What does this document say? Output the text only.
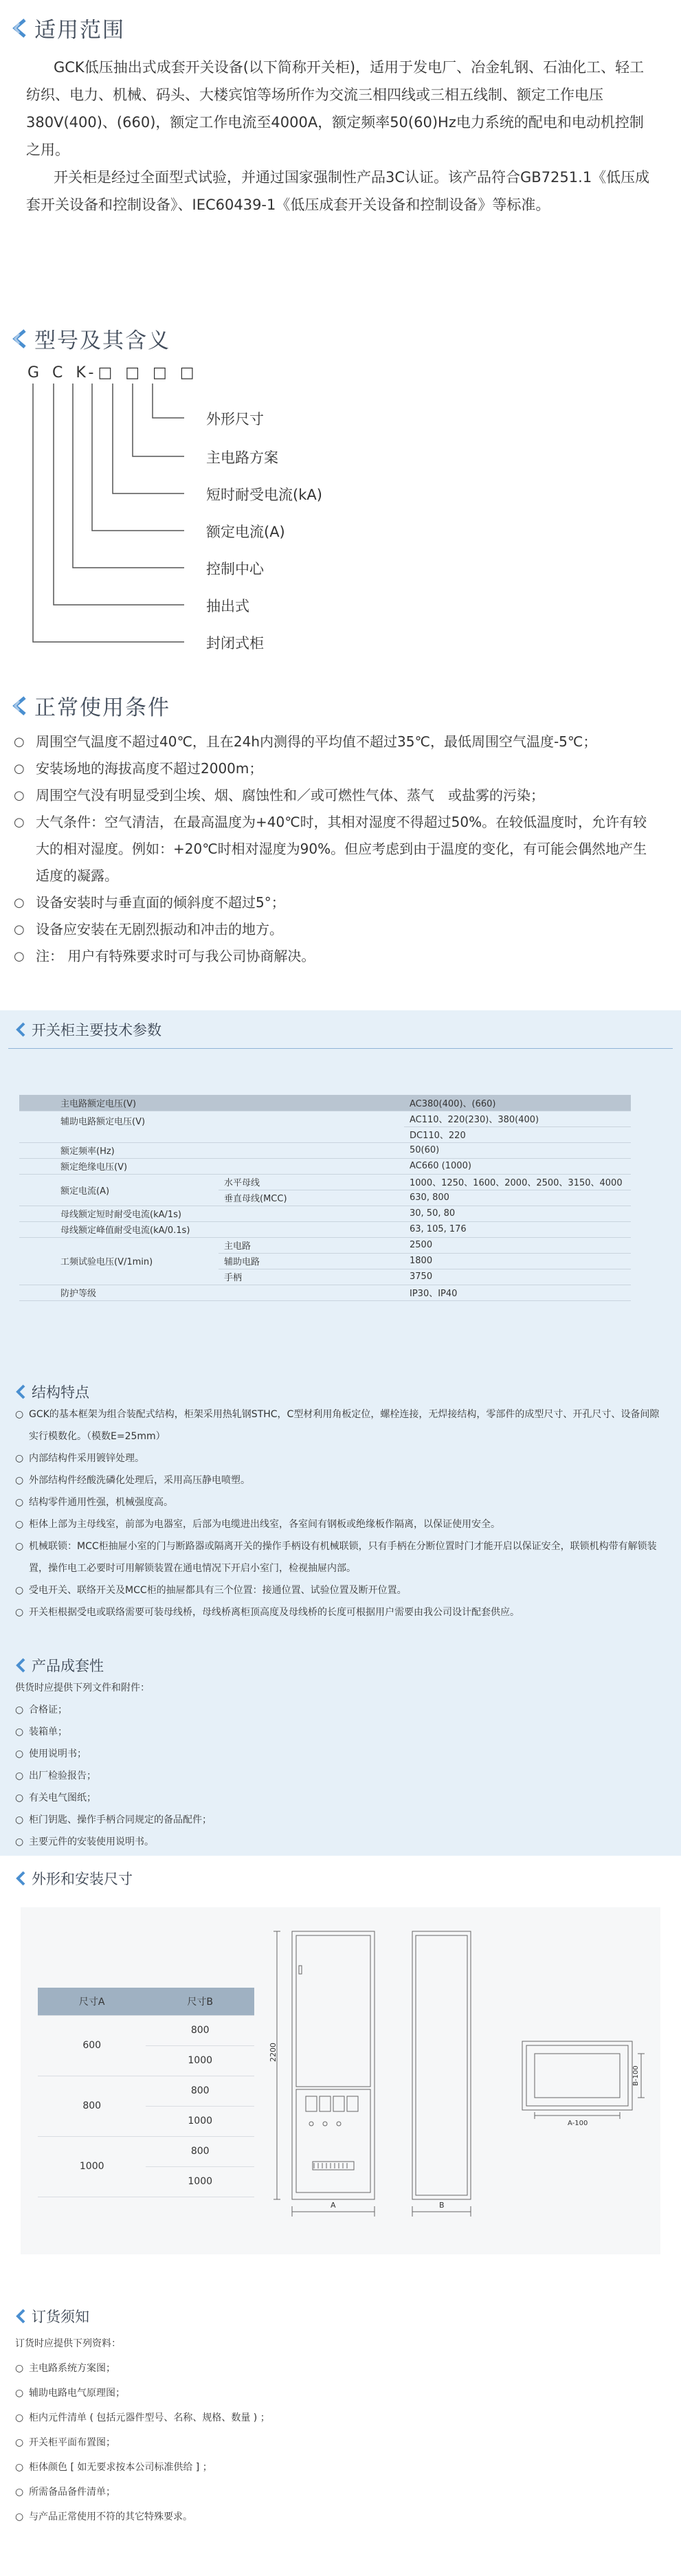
适用范围

GCK低压抽出式成套开关设备(以下简称开关柜)，适用于发电厂、冶金轧钢、石油化工、轻工纺织、电力、机械、码头、大楼宾馆等场所作为交流三相四线或三相五线制、额定工作电压380V(400)、(660)，额定工作电流至4000A，额定频率50(60)Hz电力系统的配电和电动机控制之用。

开关柜是经过全面型式试验，并通过国家强制性产品3C认证。该产品符合GB7251.1《低压成套开关设备和控制设备》、IEC60439-1《低压成套开关设备和控制设备》等标准。

型号及其含义
G C K-□ □ □ □
外形尺寸
主电路方案
短时耐受电流(kA)
额定电流(A)
控制中心
抽出式
封闭式柜
正常使用条件
○ 周围空气温度不超过40℃，且在24h内测得的平均值不超过35℃，最低周围空气温度-5℃；
○ 安装场地的海拔高度不超过2000m；
○ 周围空气没有明显受到尘埃、烟、腐蚀性和／或可燃性气体、蒸气　或盐雾的污染；
○ 大气条件：空气清洁，在最高温度为+40℃时，其相对湿度不得超过50%。在较低温度时，允许有较大的相对湿度。例如：+20℃时相对湿度为90%。但应考虑到由于温度的变化，有可能会偶然地产生适度的凝露。
○ 设备安装时与垂直面的倾斜度不超过5°；
○ 设备应安装在无剧烈振动和冲击的地方。
○ 注： 用户有特殊要求时可与我公司协商解决。
开关柜主要技术参数
主电路额定电压(V)		AC380(400)、(660)
辅助电路额定电压(V)		AC110、220(230)、380(400)
		DC110、220
额定频率(Hz)		50(60)
额定绝缘电压(V)		AC660 (1000)
额定电流(A)	水平母线	1000、1250、1600、2000、2500、3150、4000
	垂直母线(MCC)	630, 800
母线额定短时耐受电流(kA/1s)		30, 50, 80
母线额定峰值耐受电流(kA/0.1s)		63, 105, 176
工频试验电压(V/1min)	主电路	2500
	辅助电路	1800
	手柄	3750
防护等级		IP30、IP40
结构特点
○ GCK的基本框架为组合装配式结构，柜架采用热轧钢STHC，C型材利用角板定位，螺栓连接，无焊接结构，零部件的成型尺寸、开孔尺寸、设备间隙实行模数化。（模数E=25mm）
○ 内部结构件采用镀锌处理。
○ 外部结构件经酸洗磷化处理后，采用高压静电喷塑。
○ 结构零件通用性强，机械强度高。
○ 柜体上部为主母线室，前部为电器室，后部为电缆进出线室，各室间有钢板或绝缘板作隔离，以保证使用安全。
○ 机械联锁：MCC柜抽屉小室的门与断路器或隔离开关的操作手柄设有机械联锁，只有手柄在分断位置时门才能开启以保证安全，联锁机构带有解锁装置，操作电工必要时可用解锁装置在通电情况下开启小室门，检视抽屉内部。
○ 受电开关、联络开关及MCC柜的抽屉都具有三个位置：接通位置、试验位置及断开位置。
○ 开关柜根据受电或联络需要可装母线桥，母线桥离柜顶高度及母线桥的长度可根据用户需要由我公司设计配套供应。
产品成套性
供货时应提供下列文件和附件：
○ 合格证；
○ 装箱单；
○ 使用说明书；
○ 出厂检验报告；
○ 有关电气图纸；
○ 柜门钥匙、操作手柄合同规定的备品配件；
○ 主要元件的安装使用说明书。
外形和安装尺寸
尺寸A	尺寸B
600	800
	1000
800	800
	1000
1000	800
	1000
2200
A	B
A-100
B-100
订货须知
订货时应提供下列资料：
○ 主电路系统方案图；
○ 辅助电路电气原理图；
○ 柜内元件清单 ( 包括元器件型号、名称、规格、数量 ) ；
○ 开关柜平面布置图；
○ 柜体颜色 [ 如无要求按本公司标准供给 ] ；
○ 所需备品备件清单；
○ 与产品正常使用不符的其它特殊要求。
